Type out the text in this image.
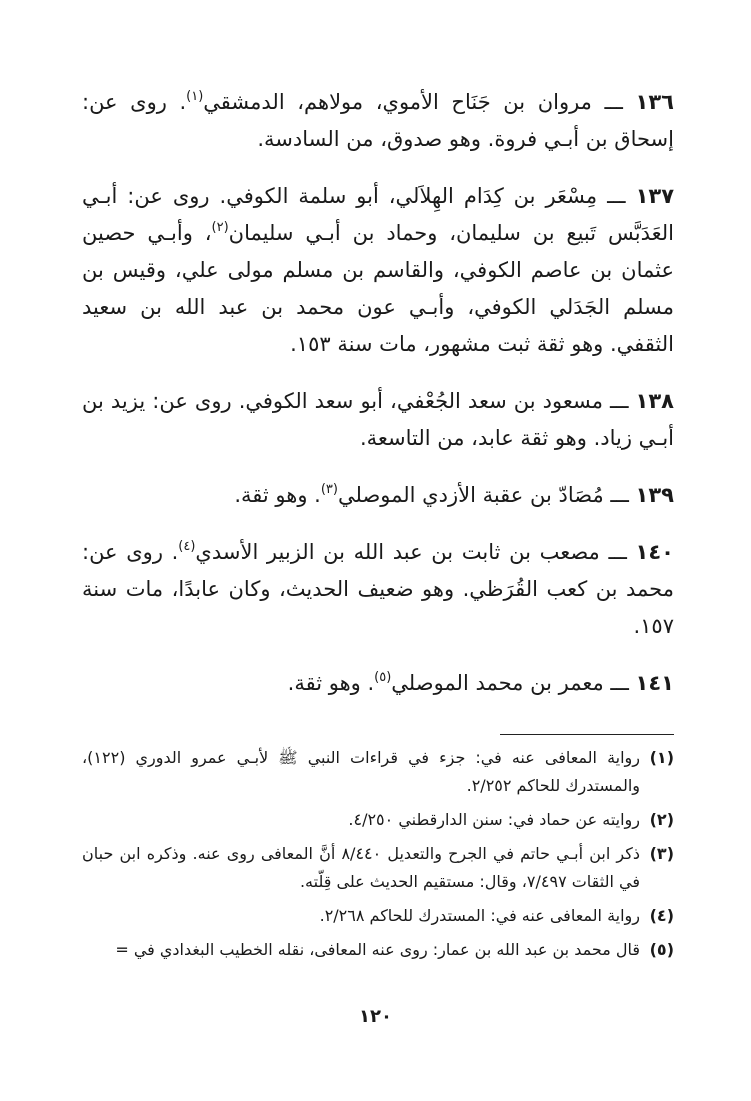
١٣٦ ـــ مروان بن جَنَاح الأموي، مولاهم، الدمشقي$^{(١)}$. روى عن: إسحاق بن أبـي فروة. وهو صدوق، من السادسة.

١٣٧ ـــ مِسْعَر بن كِدَام الهِلاَلي، أبو سلمة الكوفي. روى عن: أبـي العَدَبَّس تَبيع بن سليمان، وحماد بن أبـي سليمان$^{(٢)}$، وأبـي حصين عثمان بن عاصم الكوفي، والقاسم بن مسلم مولى علي، وقيس بن مسلم الجَدَلي الكوفي، وأبـي عون محمد بن عبد الله بن سعيد الثقفي. وهو ثقة ثبت مشهور، مات سنة ١٥٣.

١٣٨ ـــ مسعود بن سعد الجُعْفي، أبو سعد الكوفي. روى عن: يزيد بن أبـي زياد. وهو ثقة عابد، من التاسعة.

١٣٩ ـــ مُصَادّ بن عقبة الأزدي الموصلي$^{(٣)}$. وهو ثقة.

١٤٠ ـــ مصعب بن ثابت بن عبد الله بن الزبير الأسدي$^{(٤)}$. روى عن: محمد بن كعب القُرَظي. وهو ضعيف الحديث، وكان عابدًا، مات سنة ١٥٧.

١٤١ ـــ معمر بن محمد الموصلي$^{(٥)}$. وهو ثقة.

(١)
رواية المعافى عنه في: جزء في قراءات النبي ﷺ لأبـي عمرو الدوري (١٢٢)، والمستدرك للحاكم ٢/٢٥٢.
(٢)
روايته عن حماد في: سنن الدارقطني ٤/٢٥٠.
(٣)
ذكر ابن أبـي حاتم في الجرح والتعديل ٨/٤٤٠ أنَّ المعافى روى عنه. وذكره ابن حبان في الثقات ٧/٤٩٧، وقال: مستقيم الحديث على قِلّته.
(٤)
رواية المعافى عنه في: المستدرك للحاكم ٢/٢٦٨.
(٥)
قال محمد بن عبد الله بن عمار: روى عنه المعافى، نقله الخطيب البغدادي في =
١٢٠
